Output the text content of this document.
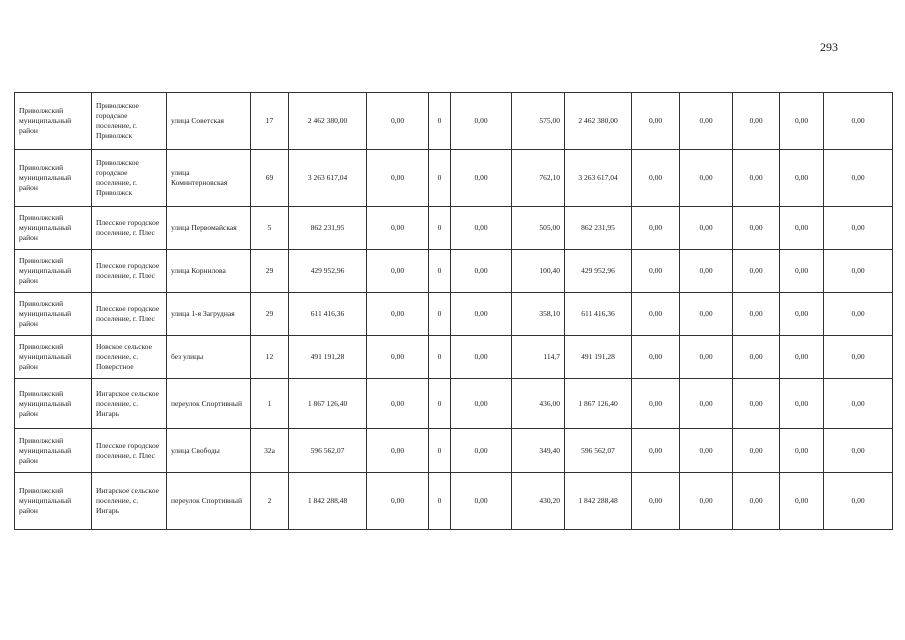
293
Приволжский муниципальный район	Приволжское городское поселение, г. Приволжск	улица Советская	17	2 462 380,00	0,00	0	0,00	575,00	2 462 380,00	0,00	0,00	0,00	0,00	0,00
Приволжский муниципальный район	Приволжское городское поселение, г. Приволжск	улица Коминтерновская	69	3 263 617,04	0,00	0	0,00	762,10	3 263 617,04	0,00	0,00	0,00	0,00	0,00
Приволжский муниципальный район	Плесское городское поселение, г. Плес	улица Первомайская	5	862 231,95	0,00	0	0,00	505,00	862 231,95	0,00	0,00	0,00	0,00	0,00
Приволжский муниципальный район	Плесское городское поселение, г. Плес	улица Корнилова	29	429 952,96	0,00	0	0,00	100,40	429 952,96	0,00	0,00	0,00	0,00	0,00
Приволжский муниципальный район	Плесское городское поселение, г. Плес	улица 1-я Загрудная	29	611 416,36	0,00	0	0,00	358,10	611 416,36	0,00	0,00	0,00	0,00	0,00
Приволжский муниципальный район	Новское сельское поселение, с. Поверстное	без улицы	12	491 191,28	0,00	0	0,00	114,7	491 191,28	0,00	0,00	0,00	0,00	0,00
Приволжский муниципальный район	Ингарское сельское поселение, с. Ингарь	переулок Спортивный	1	1 867 126,40	0,00	0	0,00	436,00	1 867 126,40	0,00	0,00	0,00	0,00	0,00
Приволжский муниципальный район	Плесское городское поселение, г. Плес	улица Свободы	32а	596 562,07	0,00	0	0,00	349,40	596 562,07	0,00	0,00	0,00	0,00	0,00
Приволжский муниципальный район	Ингарское сельское поселение, с. Ингарь	переулок Спортивный	2	1 842 288,48	0,00	0	0,00	430,20	1 842 288,48	0,00	0,00	0,00	0,00	0,00
